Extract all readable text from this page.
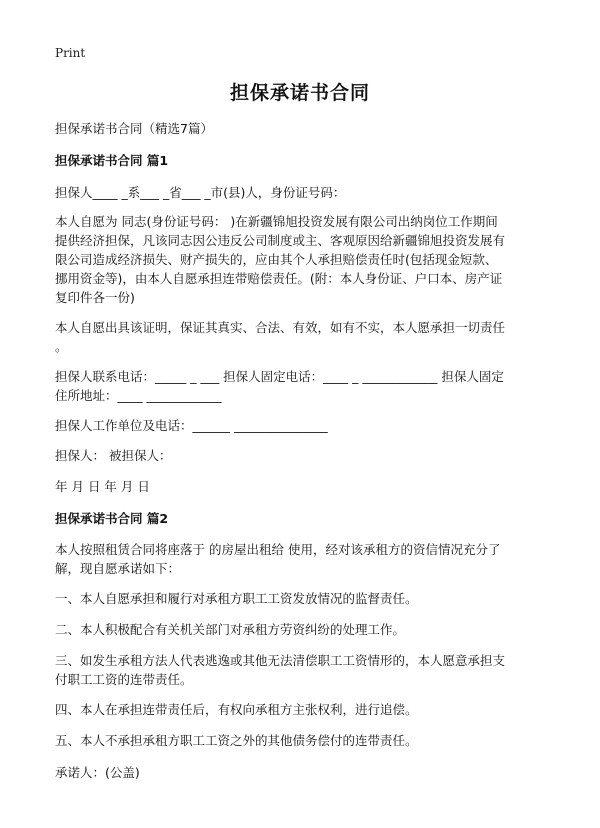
Print
担保承诺书合同
担保承诺书合同（精选7篇）
担保承诺书合同 篇1
担保人____ _系___ _省___ _市(县)人，身份证号码：
本人自愿为 同志(身份证号码： )在新疆锦旭投资发展有限公司出纳岗位工作期间
提供经济担保，凡该同志因公违反公司制度或主、客观原因给新疆锦旭投资发展有
限公司造成经济损失、财产损失的，应由其个人承担赔偿责任时(包括现金短款、
挪用资金等)，由本人自愿承担连带赔偿责任。(附：本人身份证、户口本、房产证
复印件各一份)
本人自愿出具该证明，保证其真实、合法、有效，如有不实，本人愿承担一切责任
。
担保人联系电话：_____ _ ___ 担保人固定电话：____ _ ____________ 担保人固定
住所地址：____ ____________
担保人工作单位及电话：______ _______________
担保人： 被担保人：
年 月 日 年 月 日
担保承诺书合同 篇2
本人按照租赁合同将座落于 的房屋出租给 使用，经对该承租方的资信情况充分了
解，现自愿承诺如下：
一、本人自愿承担和履行对承租方职工工资发放情况的监督责任。
二、本人积极配合有关机关部门对承租方劳资纠纷的处理工作。
三、如发生承租方法人代表逃逸或其他无法清偿职工工资情形的，本人愿意承担支
付职工工资的连带责任。
四、本人在承担连带责任后，有权向承租方主张权利，进行追偿。
五、本人不承担承租方职工工资之外的其他债务偿付的连带责任。
承诺人：(公盖)
